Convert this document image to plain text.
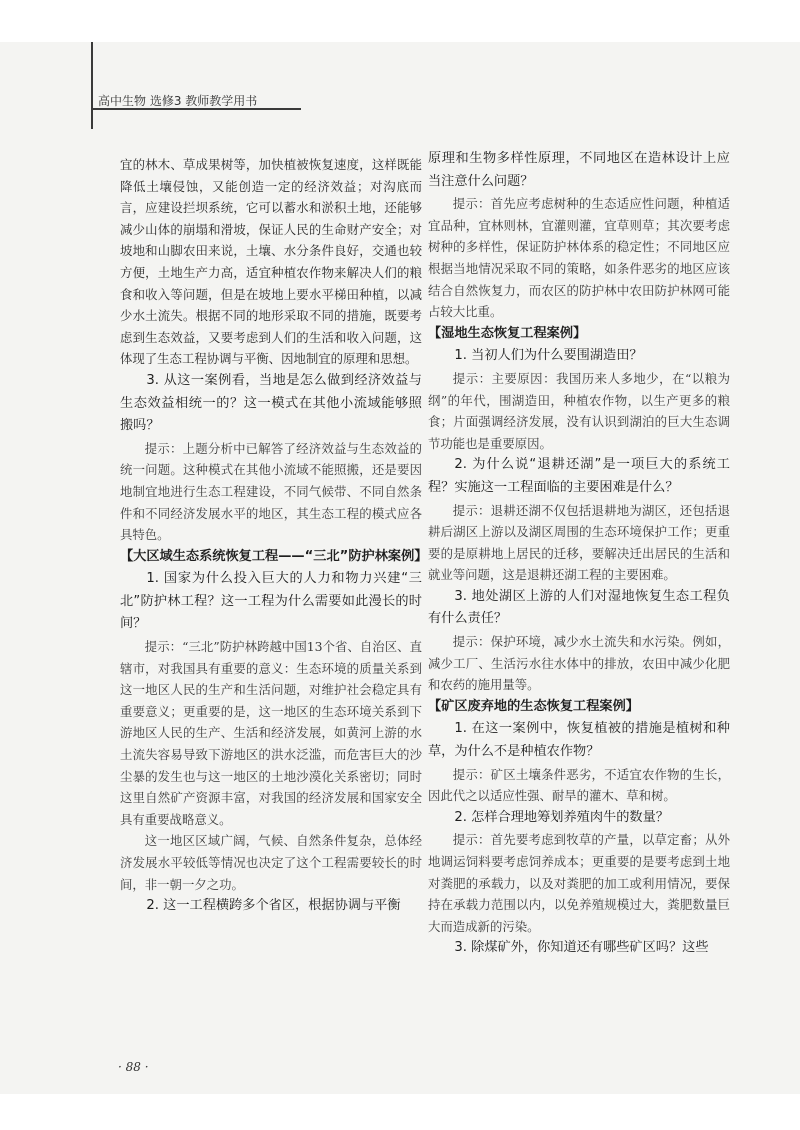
高中生物 选修3 教师教学用书

宜的林木、草成果树等，加快植被恢复速度，这样既能降低土壤侵蚀，又能创造一定的经济效益；对沟底而言，应建设拦坝系统，它可以蓄水和淤积土地，还能够减少山体的崩塌和滑坡，保证人民的生命财产安全；对坡地和山脚农田来说，土壤、水分条件良好，交通也较方便，土地生产力高，适宜种植农作物来解决人们的粮食和收入等问题，但是在坡地上要水平梯田种植，以减少水土流失。根据不同的地形采取不同的措施，既要考虑到生态效益，又要考虑到人们的生活和收入问题，这体现了生态工程协调与平衡、因地制宜的原理和思想。

3. 从这一案例看，当地是怎么做到经济效益与生态效益相统一的？这一模式在其他小流域能够照搬吗？

提示：上题分析中已解答了经济效益与生态效益的统一问题。这种模式在其他小流域不能照搬，还是要因地制宜地进行生态工程建设，不同气候带、不同自然条件和不同经济发展水平的地区，其生态工程的模式应各具特色。

【大区域生态系统恢复工程——“三北”防护林案例】

1. 国家为什么投入巨大的人力和物力兴建“三北”防护林工程？这一工程为什么需要如此漫长的时间？

提示：“三北”防护林跨越中国13个省、自治区、直辖市，对我国具有重要的意义：生态环境的质量关系到这一地区人民的生产和生活问题，对维护社会稳定具有重要意义；更重要的是，这一地区的生态环境关系到下游地区人民的生产、生活和经济发展，如黄河上游的水土流失容易导致下游地区的洪水泛滥，而危害巨大的沙尘暴的发生也与这一地区的土地沙漠化关系密切；同时这里自然矿产资源丰富，对我国的经济发展和国家安全具有重要战略意义。

这一地区区域广阔，气候、自然条件复杂，总体经济发展水平较低等情况也决定了这个工程需要较长的时间，非一朝一夕之功。

2. 这一工程横跨多个省区，根据协调与平衡

原理和生物多样性原理，不同地区在造林设计上应当注意什么问题？

提示：首先应考虑树种的生态适应性问题，种植适宜品种，宜林则林，宜灌则灌，宜草则草；其次要考虑树种的多样性，保证防护林体系的稳定性；不同地区应根据当地情况采取不同的策略，如条件恶劣的地区应该结合自然恢复力，而农区的防护林中农田防护林网可能占较大比重。

【湿地生态恢复工程案例】

1. 当初人们为什么要围湖造田？

提示：主要原因：我国历来人多地少，在“以粮为纲”的年代，围湖造田，种植农作物，以生产更多的粮食；片面强调经济发展，没有认识到湖泊的巨大生态调节功能也是重要原因。

2. 为什么说“退耕还湖”是一项巨大的系统工程？实施这一工程面临的主要困难是什么？

提示：退耕还湖不仅包括退耕地为湖区，还包括退耕后湖区上游以及湖区周围的生态环境保护工作；更重要的是原耕地上居民的迁移，要解决迁出居民的生活和就业等问题，这是退耕还湖工程的主要困难。

3. 地处湖区上游的人们对湿地恢复生态工程负有什么责任？

提示：保护环境，减少水土流失和水污染。例如，减少工厂、生活污水往水体中的排放，农田中减少化肥和农药的施用量等。

【矿区废弃地的生态恢复工程案例】

1. 在这一案例中，恢复植被的措施是植树和种草，为什么不是种植农作物？

提示：矿区土壤条件恶劣，不适宜农作物的生长，因此代之以适应性强、耐旱的灌木、草和树。

2. 怎样合理地筹划养殖肉牛的数量？

提示：首先要考虑到牧草的产量，以草定畜；从外地调运饲料要考虑饲养成本；更重要的是要考虑到土地对粪肥的承载力，以及对粪肥的加工或利用情况，要保持在承载力范围以内，以免养殖规模过大，粪肥数量巨大而造成新的污染。

3. 除煤矿外，你知道还有哪些矿区吗？这些

· 88 ·
